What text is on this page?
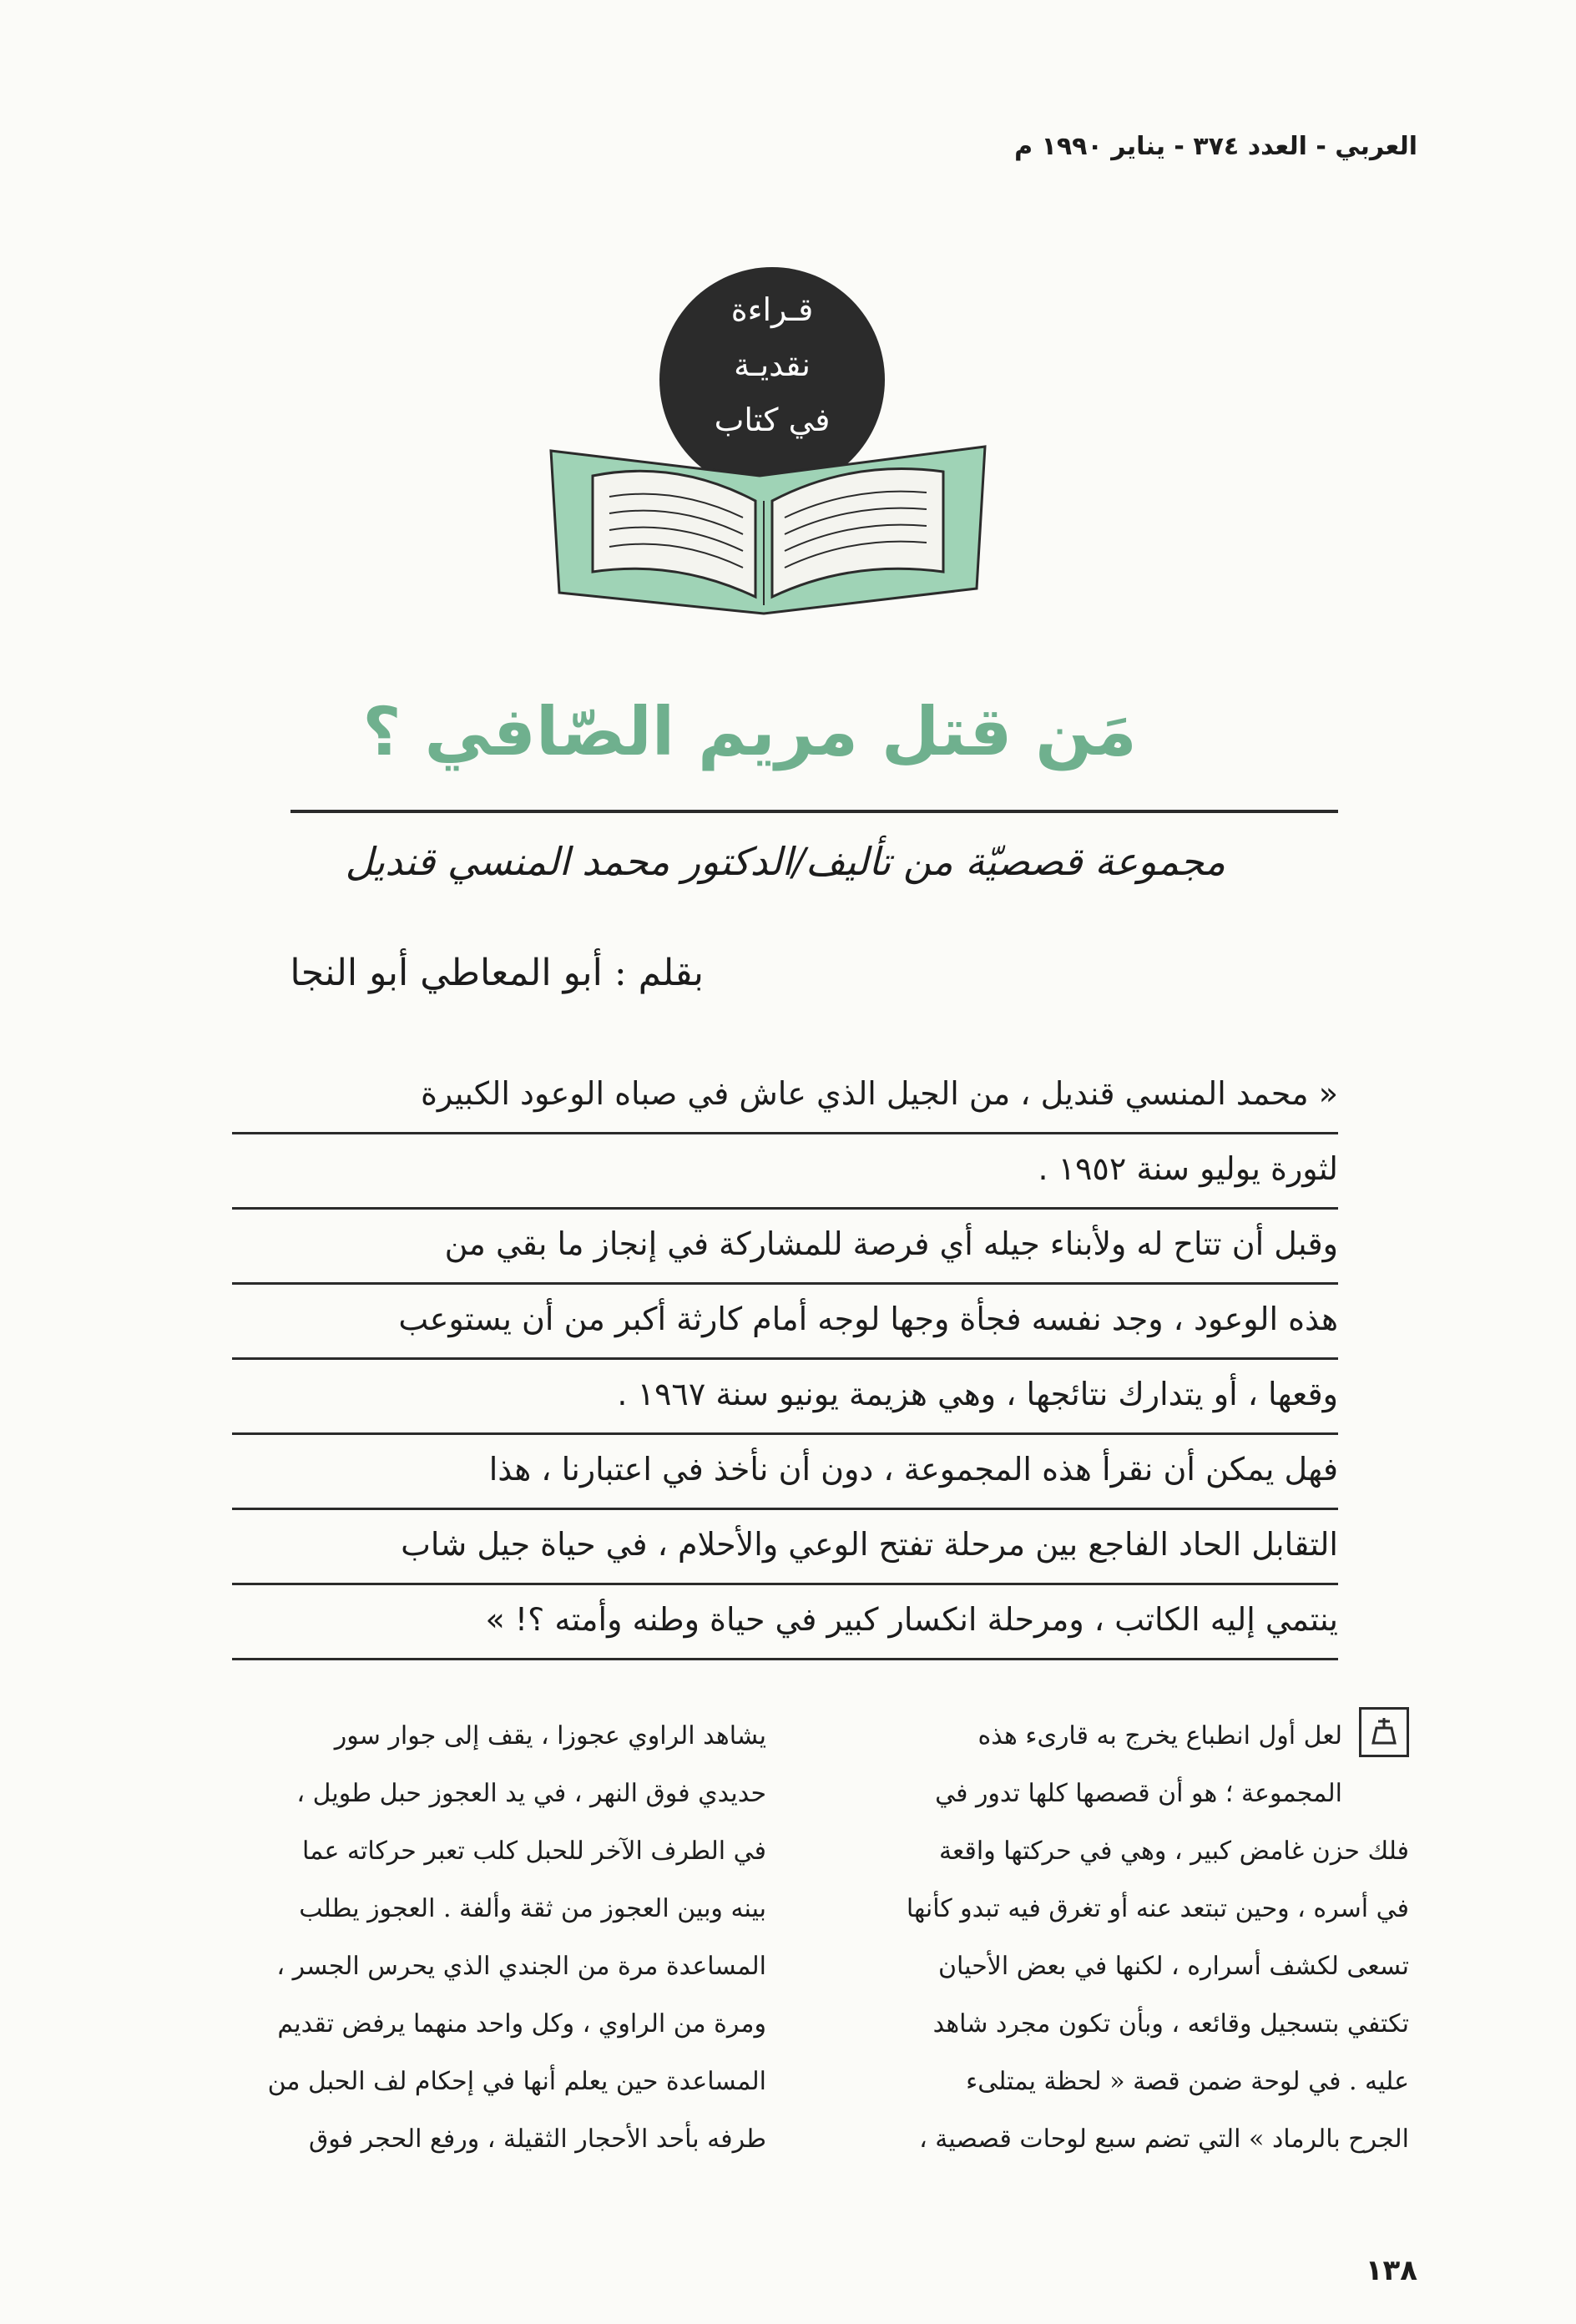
العربي - العدد ٣٧٤ - يناير ١٩٩٠ م
قـراءة
نقديـة
في كتاب
مَن قتل مريم الصّافي ؟
مجموعة قصصيّة من تأليف/الدكتور محمد المنسي قنديل
بقلم : أبو المعاطي أبو النجا
« محمد المنسي قنديل ، من الجيل الذي عاش في صباه الوعود الكبيرة
لثورة يوليو سنة ١٩٥٢ .
وقبل أن تتاح له ولأبناء جيله أي فرصة للمشاركة في إنجاز ما بقي من
هذه الوعود ، وجد نفسه فجأة وجها لوجه أمام كارثة أكبر من أن يستوعب
وقعها ، أو يتدارك نتائجها ، وهي هزيمة يونيو سنة ١٩٦٧ .
فهل يمكن أن نقرأ هذه المجموعة ، دون أن نأخذ في اعتبارنا ، هذا
التقابل الحاد الفاجع بين مرحلة تفتح الوعي والأحلام ، في حياة جيل شاب
ينتمي إليه الكاتب ، ومرحلة انكسار كبير في حياة وطنه وأمته ؟! »
لعل أول انطباع يخرج به قارىء هذه
المجموعة ؛ هو أن قصصها كلها تدور في
فلك حزن غامض كبير ، وهي في حركتها واقعة
في أسره ، وحين تبتعد عنه أو تغرق فيه تبدو كأنها
تسعى لكشف أسراره ، لكنها في بعض الأحيان
تكتفي بتسجيل وقائعه ، وبأن تكون مجرد شاهد
عليه . في لوحة ضمن قصة « لحظة يمتلىء
الجرح بالرماد » التي تضم سبع لوحات قصصية ،
يشاهد الراوي عجوزا ، يقف إلى جوار سور
حديدي فوق النهر ، في يد العجوز حبل طويل ،
في الطرف الآخر للحبل كلب تعبر حركاته عما
بينه وبين العجوز من ثقة وألفة . العجوز يطلب
المساعدة مرة من الجندي الذي يحرس الجسر ،
ومرة من الراوي ، وكل واحد منهما يرفض تقديم
المساعدة حين يعلم أنها في إحكام لف الحبل من
طرفه بأحد الأحجار الثقيلة ، ورفع الحجر فوق
١٣٨
